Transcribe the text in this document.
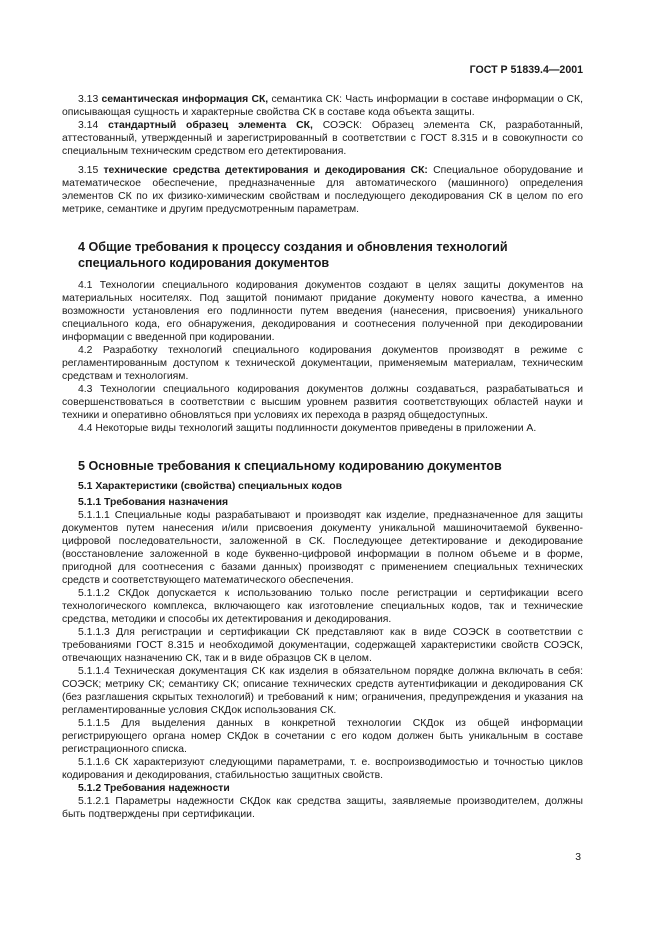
ГОСТ Р 51839.4—2001

3.13 семантическая информация СК, семантика СК: Часть информации в составе информации о СК, описывающая сущность и характерные свойства СК в составе кода объекта защиты.

3.14 стандартный образец элемента СК, СОЭСК: Образец элемента СК, разработанный, аттестованный, утвержденный и зарегистрированный в соответствии с ГОСТ 8.315 и в совокупности со специальным техническим средством его детектирования.

3.15 технические средства детектирования и декодирования СК: Специальное оборудование и математическое обеспечение, предназначенные для автоматического (машинного) определения элементов СК по их физико-химическим свойствам и последующего декодирования СК в целом по его метрике, семантике и другим предусмотренным параметрам.

4 Общие требования к процессу создания и обновления технологий специального кодирования документов

4.1 Технологии специального кодирования документов создают в целях защиты документов на материальных носителях. Под защитой понимают придание документу нового качества, а именно возможности установления его подлинности путем введения (нанесения, присвоения) уникального специального кода, его обнаружения, декодирования и соотнесения полученной при декодировании информации с введенной при кодировании.

4.2 Разработку технологий специального кодирования документов производят в режиме с регламентированным доступом к технической документации, применяемым материалам, техническим средствам и технологиям.

4.3 Технологии специального кодирования документов должны создаваться, разрабатываться и совершенствоваться в соответствии с высшим уровнем развития соответствующих областей науки и техники и оперативно обновляться при условиях их перехода в разряд общедоступных.

4.4 Некоторые виды технологий защиты подлинности документов приведены в приложении А.

5 Основные требования к специальному кодированию документов
5.1 Характеристики (свойства) специальных кодов
5.1.1 Требования назначения

5.1.1.1 Специальные коды разрабатывают и производят как изделие, предназначенное для защиты документов путем нанесения и/или присвоения документу уникальной машиночитаемой буквенно-цифровой последовательности, заложенной в СК. Последующее детектирование и декодирование (восстановление заложенной в коде буквенно-цифровой информации в полном объеме и в форме, пригодной для соотнесения с базами данных) производят с применением специальных технических средств и соответствующего математического обеспечения.

5.1.1.2 СКДок допускается к использованию только после регистрации и сертификации всего технологического комплекса, включающего как изготовление специальных кодов, так и технические средства, методики и способы их детектирования и декодирования.

5.1.1.3 Для регистрации и сертификации СК представляют как в виде СОЭСК в соответствии с требованиями ГОСТ 8.315 и необходимой документации, содержащей характеристики свойств СОЭСК, отвечающих назначению СК, так и в виде образцов СК в целом.

5.1.1.4 Техническая документация СК как изделия в обязательном порядке должна включать в себя: СОЭСК; метрику СК; семантику СК; описание технических средств аутентификации и декодирования СК (без разглашения скрытых технологий) и требований к ним; ограничения, предупреждения и указания на регламентированные условия СКДок использования СК.

5.1.1.5 Для выделения данных в конкретной технологии СКДок из общей информации регистрирующего органа номер СКДок в сочетании с его кодом должен быть уникальным в составе регистрационного списка.

5.1.1.6 СК характеризуют следующими параметрами, т. е. воспроизводимостью и точностью циклов кодирования и декодирования, стабильностью защитных свойств.

5.1.2 Требования надежности

5.1.2.1 Параметры надежности СКДок как средства защиты, заявляемые производителем, должны быть подтверждены при сертификации.

3
